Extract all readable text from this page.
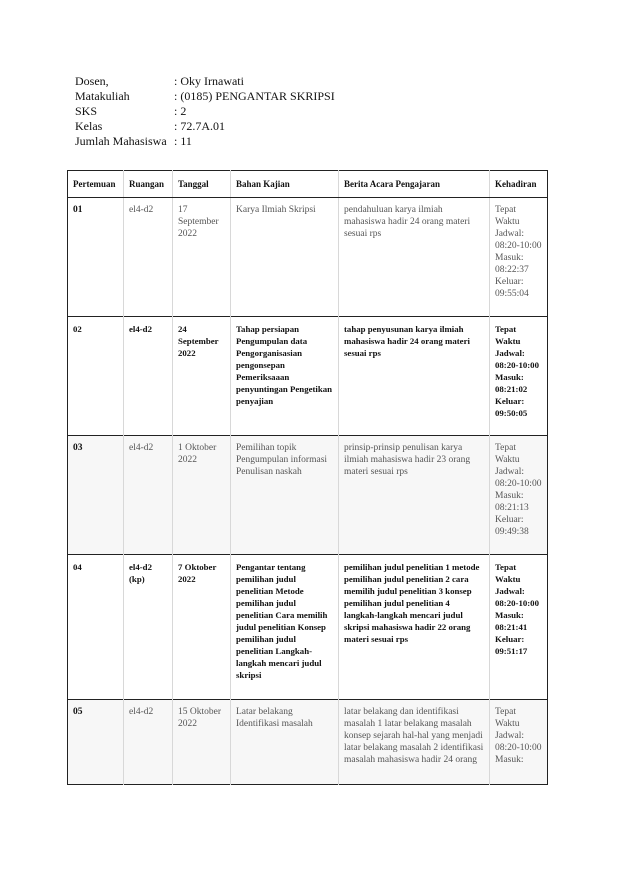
Dosen,	: Oky Irnawati
Matakuliah	: (0185) PENGANTAR SKRIPSI
SKS	: 2
Kelas	: 72.7A.01
Jumlah Mahasiswa : 11
Pertemuan	Ruangan	Tanggal	Bahan Kajian	Berita Acara Pengajaran	Kehadiran
01	el4-d2	17 September 2022	Karya Ilmiah Skripsi	pendahuluan karya ilmiah mahasiswa hadir 24 orang materi sesuai rps	Tepat Waktu Jadwal: 08:20-10:00 Masuk: 08:22:37 Keluar: 09:55:04
02	el4-d2	24 September 2022	Tahap persiapan Pengumpulan data Pengorganisasian pengonsepan Pemeriksaaan penyuntingan Pengetikan penyajian	tahap penyusunan karya ilmiah mahasiswa hadir 24 orang materi sesuai rps	Tepat Waktu Jadwal: 08:20-10:00 Masuk: 08:21:02 Keluar: 09:50:05
03	el4-d2	1 Oktober 2022	Pemilihan topik Pengumpulan informasi Penulisan naskah	prinsip-prinsip penulisan karya ilmiah mahasiswa hadir 23 orang materi sesuai rps	Tepat Waktu Jadwal: 08:20-10:00 Masuk: 08:21:13 Keluar: 09:49:38
04	el4-d2 (kp)	7 Oktober 2022	Pengantar tentang pemilihan judul penelitian Metode pemilihan judul penelitian Cara memilih judul penelitian Konsep pemilihan judul penelitian Langkah-langkah mencari judul skripsi	pemilihan judul penelitian 1 metode pemilihan judul penelitian 2 cara memilih judul penelitian 3 konsep pemilihan judul penelitian 4 langkah-langkah mencari judul skripsi mahasiswa hadir 22 orang materi sesuai rps	Tepat Waktu Jadwal: 08:20-10:00 Masuk: 08:21:41 Keluar: 09:51:17
05	el4-d2	15 Oktober 2022	Latar belakang Identifikasi masalah	latar belakang dan identifikasi masalah 1 latar belakang masalah konsep sejarah hal-hal yang menjadi latar belakang masalah 2 identifikasi masalah mahasiswa hadir 24 orang	Tepat Waktu Jadwal: 08:20-10:00 Masuk:
